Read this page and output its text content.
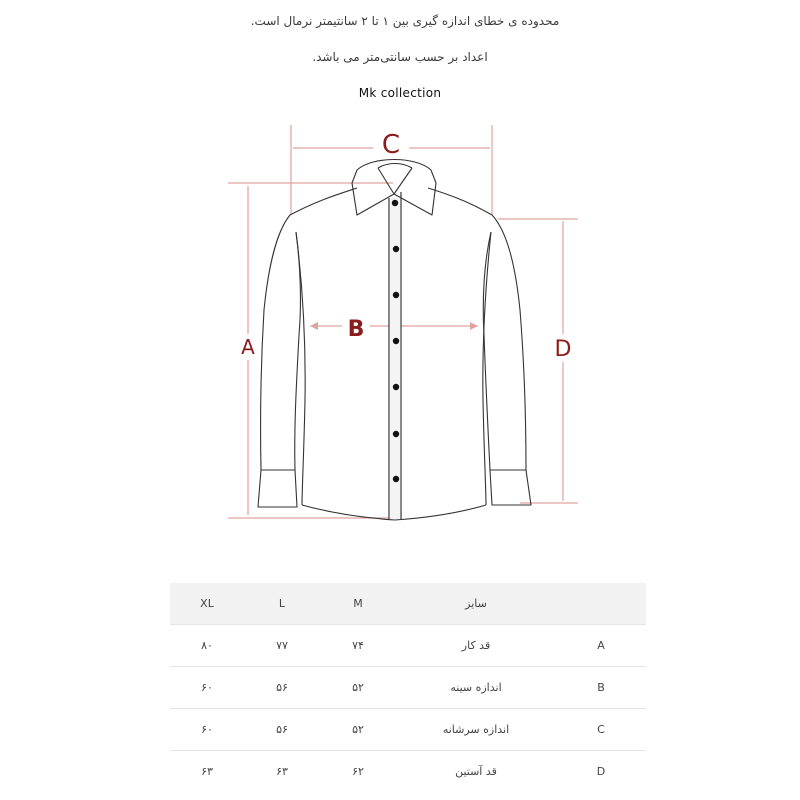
محدوده ی خطای اندازه گیری بین ۱ تا ۲ سانتیمتر نرمال است.
اعداد بر حسب سانتی‌متر می باشد.
Mk collection
C
A
B
D
XL	L	M	سایز	
۸۰	۷۷	۷۴	قد کار	A
۶۰	۵۶	۵۲	اندازه سینه	B
۶۰	۵۶	۵۲	اندازه سرشانه	C
۶۳	۶۳	۶۲	قد آستین	D
